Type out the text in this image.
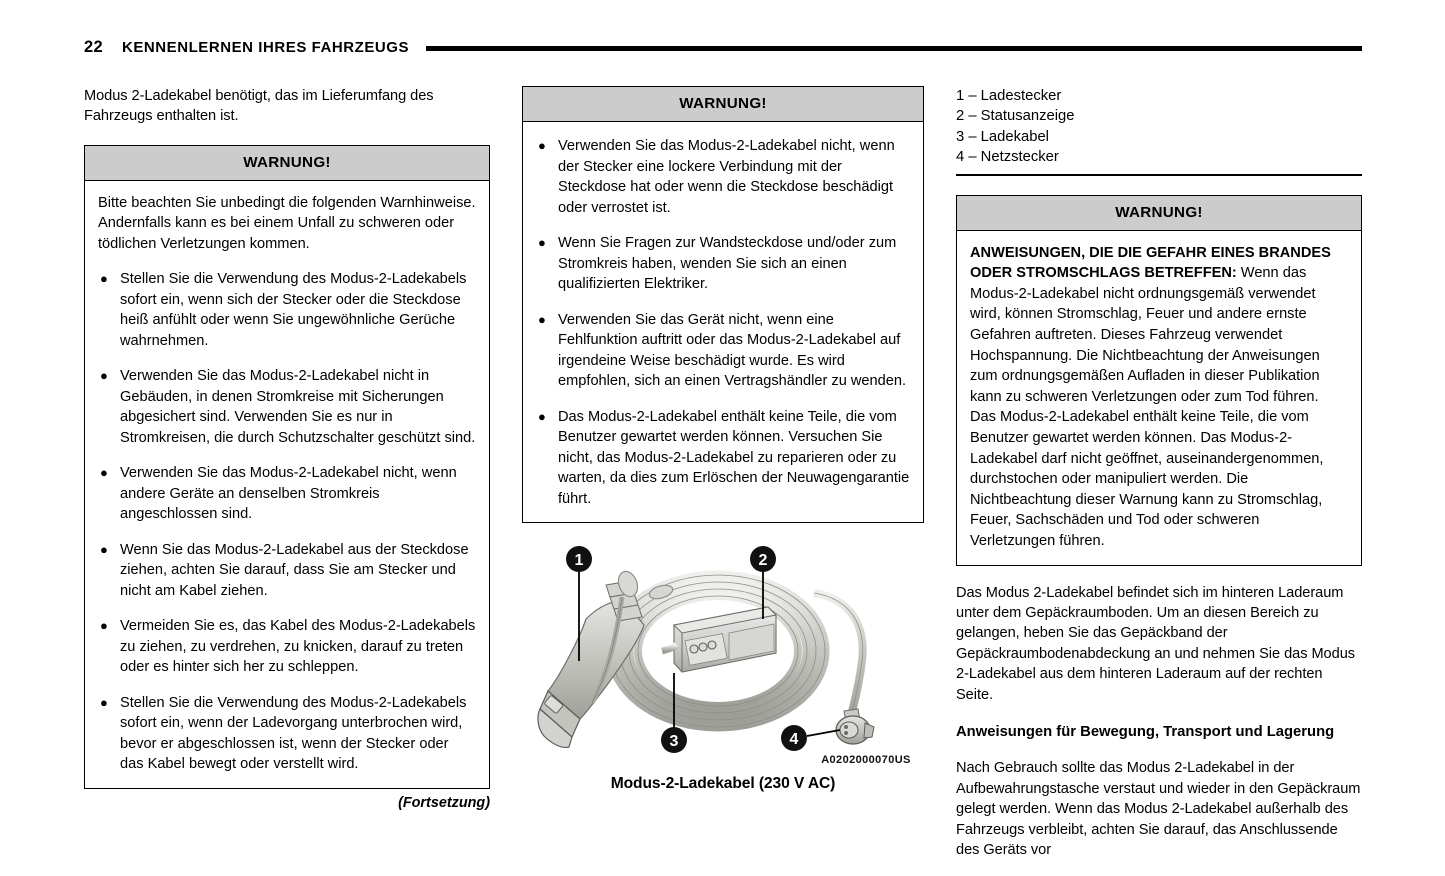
22 KENNENLERNEN IHRES FAHRZEUGS

Modus 2-Ladekabel benötigt, das im Lieferumfang des Fahrzeugs enthalten ist.

WARNUNG!

Bitte beachten Sie unbedingt die folgenden Warnhinweise. Andernfalls kann es bei einem Unfall zu schweren oder tödlichen Verletzungen kommen.

● Stellen Sie die Verwendung des Modus-2-Ladekabels sofort ein, wenn sich der Stecker oder die Steckdose heiß anfühlt oder wenn Sie ungewöhnliche Gerüche wahrnehmen.
● Verwenden Sie das Modus-2-Ladekabel nicht in Gebäuden, in denen Stromkreise mit Sicherungen abgesichert sind. Verwenden Sie es nur in Stromkreisen, die durch Schutzschalter geschützt sind.
● Verwenden Sie das Modus-2-Ladekabel nicht, wenn andere Geräte an denselben Stromkreis angeschlossen sind.
● Wenn Sie das Modus-2-Ladekabel aus der Steckdose ziehen, achten Sie darauf, dass Sie am Stecker und nicht am Kabel ziehen.
● Vermeiden Sie es, das Kabel des Modus-2-Ladekabels zu ziehen, zu verdrehen, zu knicken, darauf zu treten oder es hinter sich her zu schleppen.
● Stellen Sie die Verwendung des Modus-2-Ladekabels sofort ein, wenn der Ladevorgang unterbrochen wird, bevor er abgeschlossen ist, wenn der Stecker oder das Kabel bewegt oder verstellt wird.
(Fortsetzung)
WARNUNG!
● Verwenden Sie das Modus-2-Ladekabel nicht, wenn der Stecker eine lockere Verbindung mit der Steckdose hat oder wenn die Steckdose beschädigt oder verrostet ist.
● Wenn Sie Fragen zur Wandsteckdose und/oder zum Stromkreis haben, wenden Sie sich an einen qualifizierten Elektriker.
● Verwenden Sie das Gerät nicht, wenn eine Fehlfunktion auftritt oder das Modus-2-Ladekabel auf irgendeine Weise beschädigt wurde. Es wird empfohlen, sich an einen Vertragshändler zu wenden.
● Das Modus-2-Ladekabel enthält keine Teile, die vom Benutzer gewartet werden können. Versuchen Sie nicht, das Modus-2-Ladekabel zu reparieren oder zu warten, da dies zum Erlöschen der Neuwagengarantie führt.
1	2
3	4
A0202000070US
Modus-2-Ladekabel (230 V AC)
1 – Ladestecker
2 – Statusanzeige
3 – Ladekabel
4 – Netzstecker
WARNUNG!

ANWEISUNGEN, DIE DIE GEFAHR EINES BRANDES ODER STROMSCHLAGS BETREFFEN: Wenn das Modus-2-Ladekabel nicht ordnungsgemäß verwendet wird, können Stromschlag, Feuer und andere ernste Gefahren auftreten. Dieses Fahrzeug verwendet Hochspannung. Die Nichtbeachtung der Anweisungen zum ordnungsgemäßen Aufladen in dieser Publikation kann zu schweren Verletzungen oder zum Tod führen. Das Modus-2-Ladekabel enthält keine Teile, die vom Benutzer gewartet werden können. Das Modus-2-Ladekabel darf nicht geöffnet, auseinandergenommen, durchstochen oder manipuliert werden. Die Nichtbeachtung dieser Warnung kann zu Stromschlag, Feuer, Sachschäden und Tod oder schweren Verletzungen führen.

Das Modus 2-Ladekabel befindet sich im hinteren Laderaum unter dem Gepäckraumboden. Um an diesen Bereich zu gelangen, heben Sie das Gepäckband der Gepäckraumbodenabdeckung an und nehmen Sie das Modus 2-Ladekabel aus dem hinteren Laderaum auf der rechten Seite.

Anweisungen für Bewegung, Transport und Lagerung

Nach Gebrauch sollte das Modus 2-Ladekabel in der Aufbewahrungstasche verstaut und wieder in den Gepäckraum gelegt werden. Wenn das Modus 2-Ladekabel außerhalb des Fahrzeugs verbleibt, achten Sie darauf, das Anschlussende des Geräts vor
